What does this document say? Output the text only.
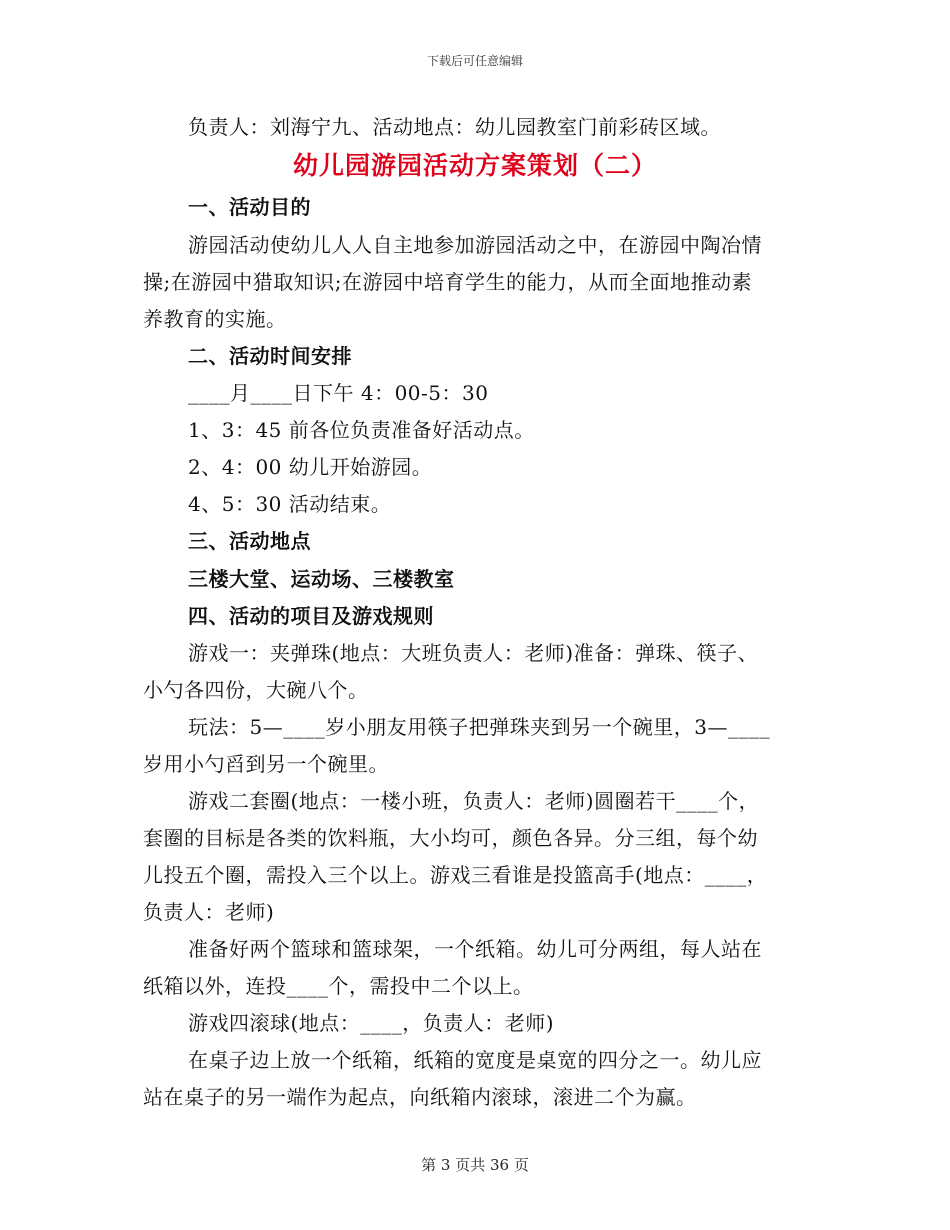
下载后可任意编辑
负责人：刘海宁九、活动地点：幼儿园教室门前彩砖区域。
幼儿园游园活动方案策划（二）
一、活动目的
游园活动使幼儿人人自主地参加游园活动之中，在游园中陶冶情
操;在游园中猎取知识;在游园中培育学生的能力，从而全面地推动素
养教育的实施。
二、活动时间安排
____月____日下午 4：00-5：30
1、3：45 前各位负责准备好活动点。
2、4：00 幼儿开始游园。
4、5：30 活动结束。
三、活动地点
三楼大堂、运动场、三楼教室
四、活动的项目及游戏规则
游戏一：夹弹珠(地点：大班负责人：老师)准备：弹珠、筷子、
小勺各四份，大碗八个。
玩法：5—____岁小朋友用筷子把弹珠夹到另一个碗里，3—____
岁用小勺舀到另一个碗里。
游戏二套圈(地点：一楼小班，负责人：老师)圆圈若干____个，
套圈的目标是各类的饮料瓶，大小均可，颜色各异。分三组，每个幼
儿投五个圈，需投入三个以上。游戏三看谁是投篮高手(地点：____，
负责人：老师)
准备好两个篮球和篮球架，一个纸箱。幼儿可分两组，每人站在
纸箱以外，连投____个，需投中二个以上。
游戏四滚球(地点：____，负责人：老师)
在桌子边上放一个纸箱，纸箱的宽度是桌宽的四分之一。幼儿应
站在桌子的另一端作为起点，向纸箱内滚球，滚进二个为赢。
第 3 页共 36 页
